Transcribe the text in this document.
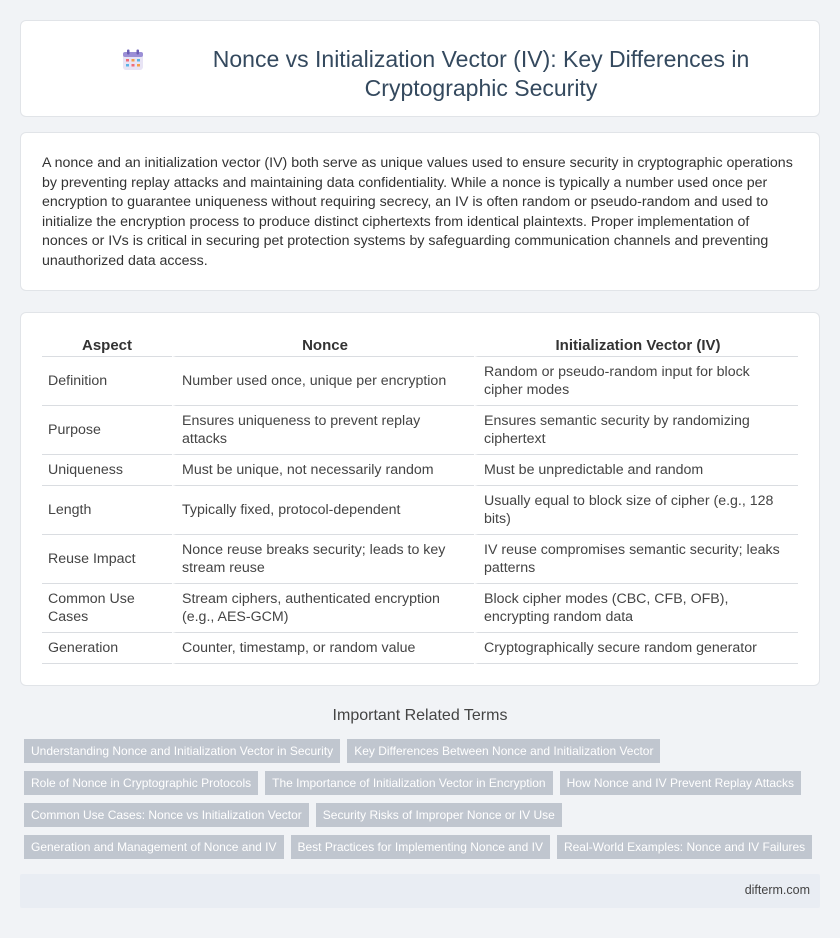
Nonce vs Initialization Vector (IV): Key Differences in Cryptographic Security

A nonce and an initialization vector (IV) both serve as unique values used to ensure security in cryptographic operations by preventing replay attacks and maintaining data confidentiality. While a nonce is typically a number used once per encryption to guarantee uniqueness without requiring secrecy, an IV is often random or pseudo-random and used to initialize the encryption process to produce distinct ciphertexts from identical plaintexts. Proper implementation of nonces or IVs is critical in securing pet protection systems by safeguarding communication channels and preventing unauthorized data access.

Aspect	Nonce	Initialization Vector (IV)
Definition	Number used once, unique per encryption	Random or pseudo-random input for block cipher modes
Purpose	Ensures uniqueness to prevent replay attacks	Ensures semantic security by randomizing ciphertext
Uniqueness	Must be unique, not necessarily random	Must be unpredictable and random
Length	Typically fixed, protocol-dependent	Usually equal to block size of cipher (e.g., 128 bits)
Reuse Impact	Nonce reuse breaks security; leads to key stream reuse	IV reuse compromises semantic security; leaks patterns
Common Use Cases	Stream ciphers, authenticated encryption (e.g., AES-GCM)	Block cipher modes (CBC, CFB, OFB), encrypting random data
Generation	Counter, timestamp, or random value	Cryptographically secure random generator
Important Related Terms
Understanding Nonce and Initialization Vector in Security	Key Differences Between Nonce and Initialization Vector
Role of Nonce in Cryptographic Protocols	The Importance of Initialization Vector in Encryption	How Nonce and IV Prevent Replay Attacks
Common Use Cases: Nonce vs Initialization Vector	Security Risks of Improper Nonce or IV Use
Generation and Management of Nonce and IV	Best Practices for Implementing Nonce and IV	Real-World Examples: Nonce and IV Failures
difterm.com
